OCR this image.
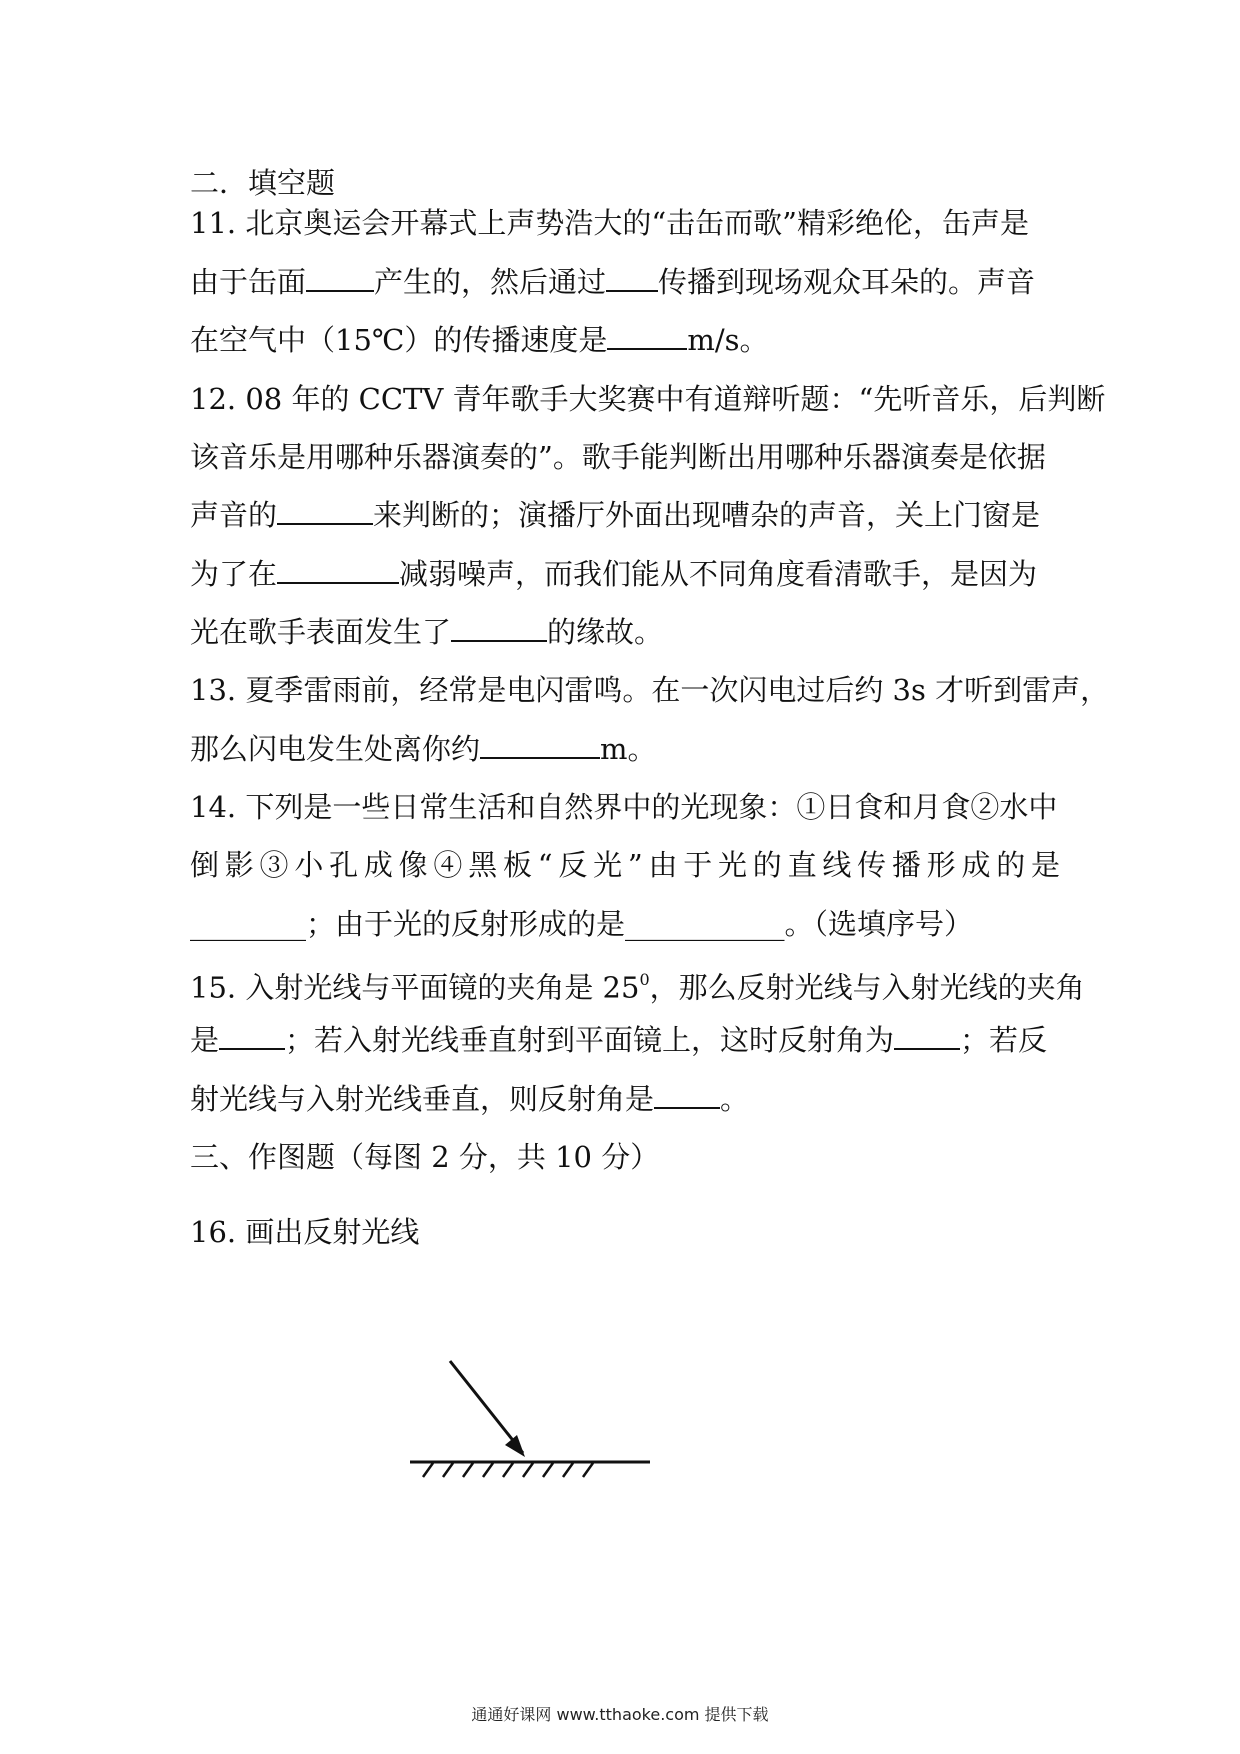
二．填空题
11. 北京奥运会开幕式上声势浩大的“击缶而歌”精彩绝伦，缶声是
由于缶面 产生的，然后通过 传播到现场观众耳朵的。声音
在空气中（15℃）的传播速度是	m/s。
12. 08 年的 CCTV 青年歌手大奖赛中有道辩听题：“先听音乐，后判断
该音乐是用哪种乐器演奏的”。歌手能判断出用哪种乐器演奏是依据
声音的	来判断的；演播厅外面出现嘈杂的声音，关上门窗是
为了在	减弱噪声，而我们能从不同角度看清歌手，是因为
光在歌手表面发生了	的缘故。
13. 夏季雷雨前，经常是电闪雷鸣。在一次闪电过后约 3s 才听到雷声，
那么闪电发生处离你约	m。
14. 下列是一些日常生活和自然界中的光现象：①日食和月食②水中
倒影③小孔成像④黑板“反光”由于光的直线传播形成的是
________；由于光的反射形成的是___________。（选填序号）
15. 入射光线与平面镜的夹角是 $25^0$，那么反射光线与入射光线的夹角
是 ；若入射光线垂直射到平面镜上，这时反射角为 ；若反
射光线与入射光线垂直，则反射角是 。
三、作图题（每图 2 分，共 10 分）
16. 画出反射光线
通通好课网 www.tthaoke.com 提供下载
